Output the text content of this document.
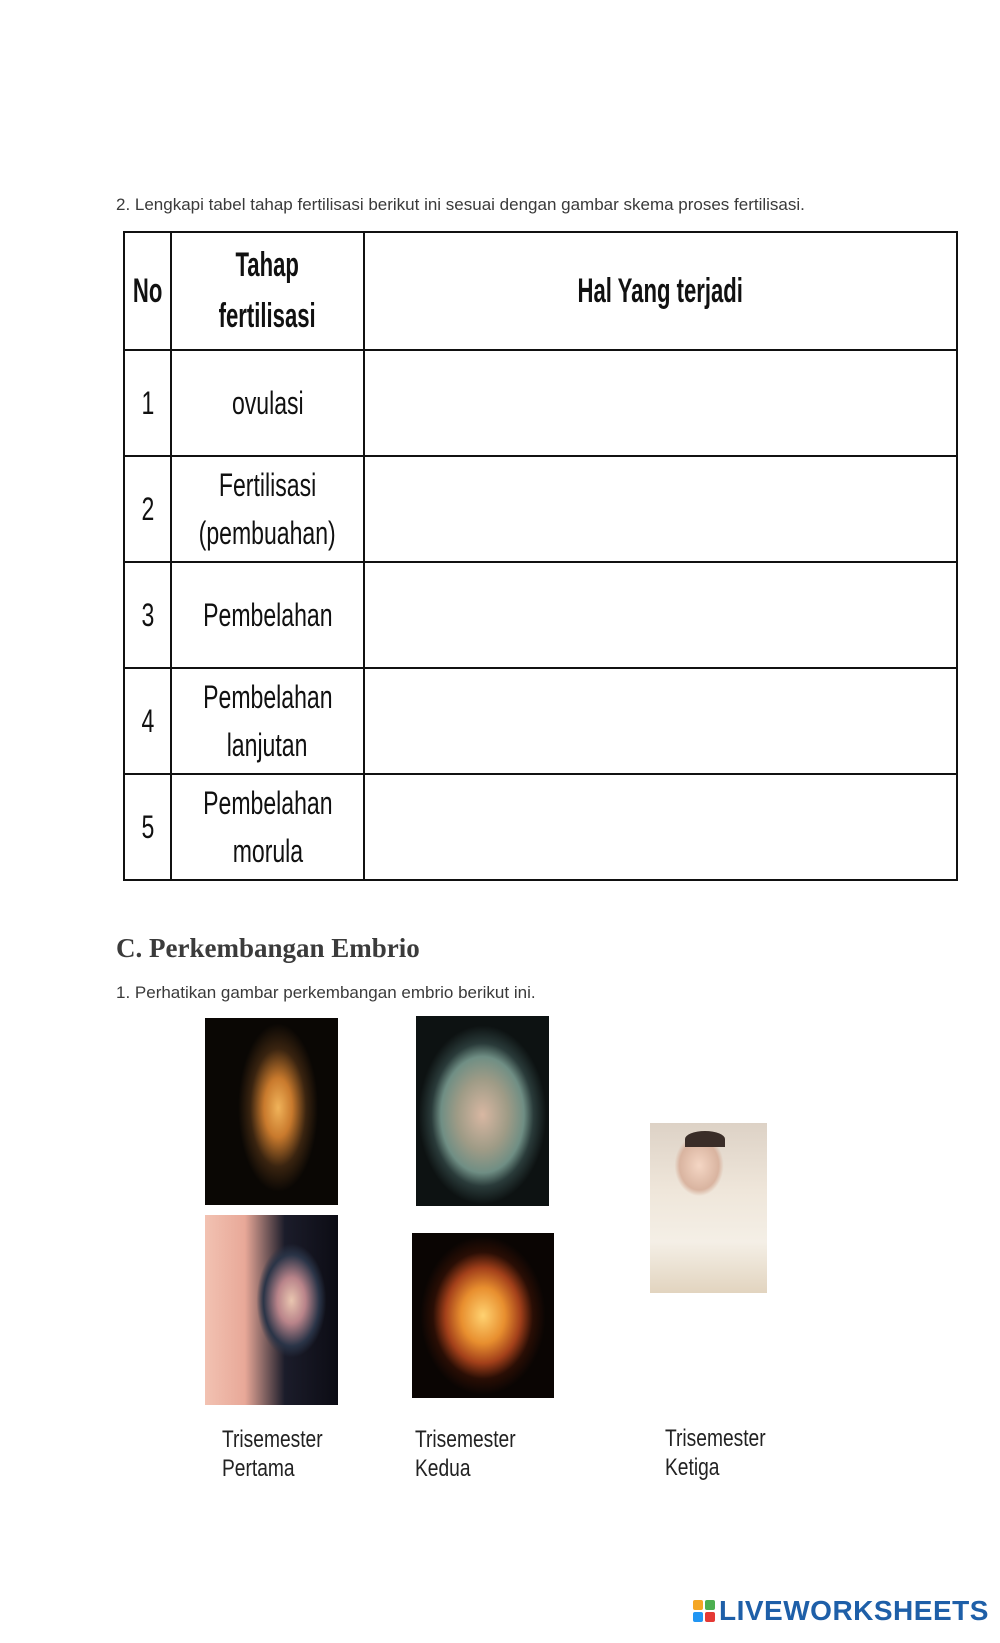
2. Lengkapi tabel tahap fertilisasi berikut ini sesuai dengan gambar skema proses fertilisasi.
No	Tahap fertilisasi	Hal Yang terjadi
1	ovulasi	
2	Fertilisasi
(pembuahan)	
3	Pembelahan	
4	Pembelahan
lanjutan	
5	Pembelahan
morula	
C. Perkembangan Embrio
1. Perhatikan gambar perkembangan embrio berikut ini.
Trisemester
Pertama
Trisemester
Kedua
Trisemester
Ketiga
LIVEWORKSHEETS
